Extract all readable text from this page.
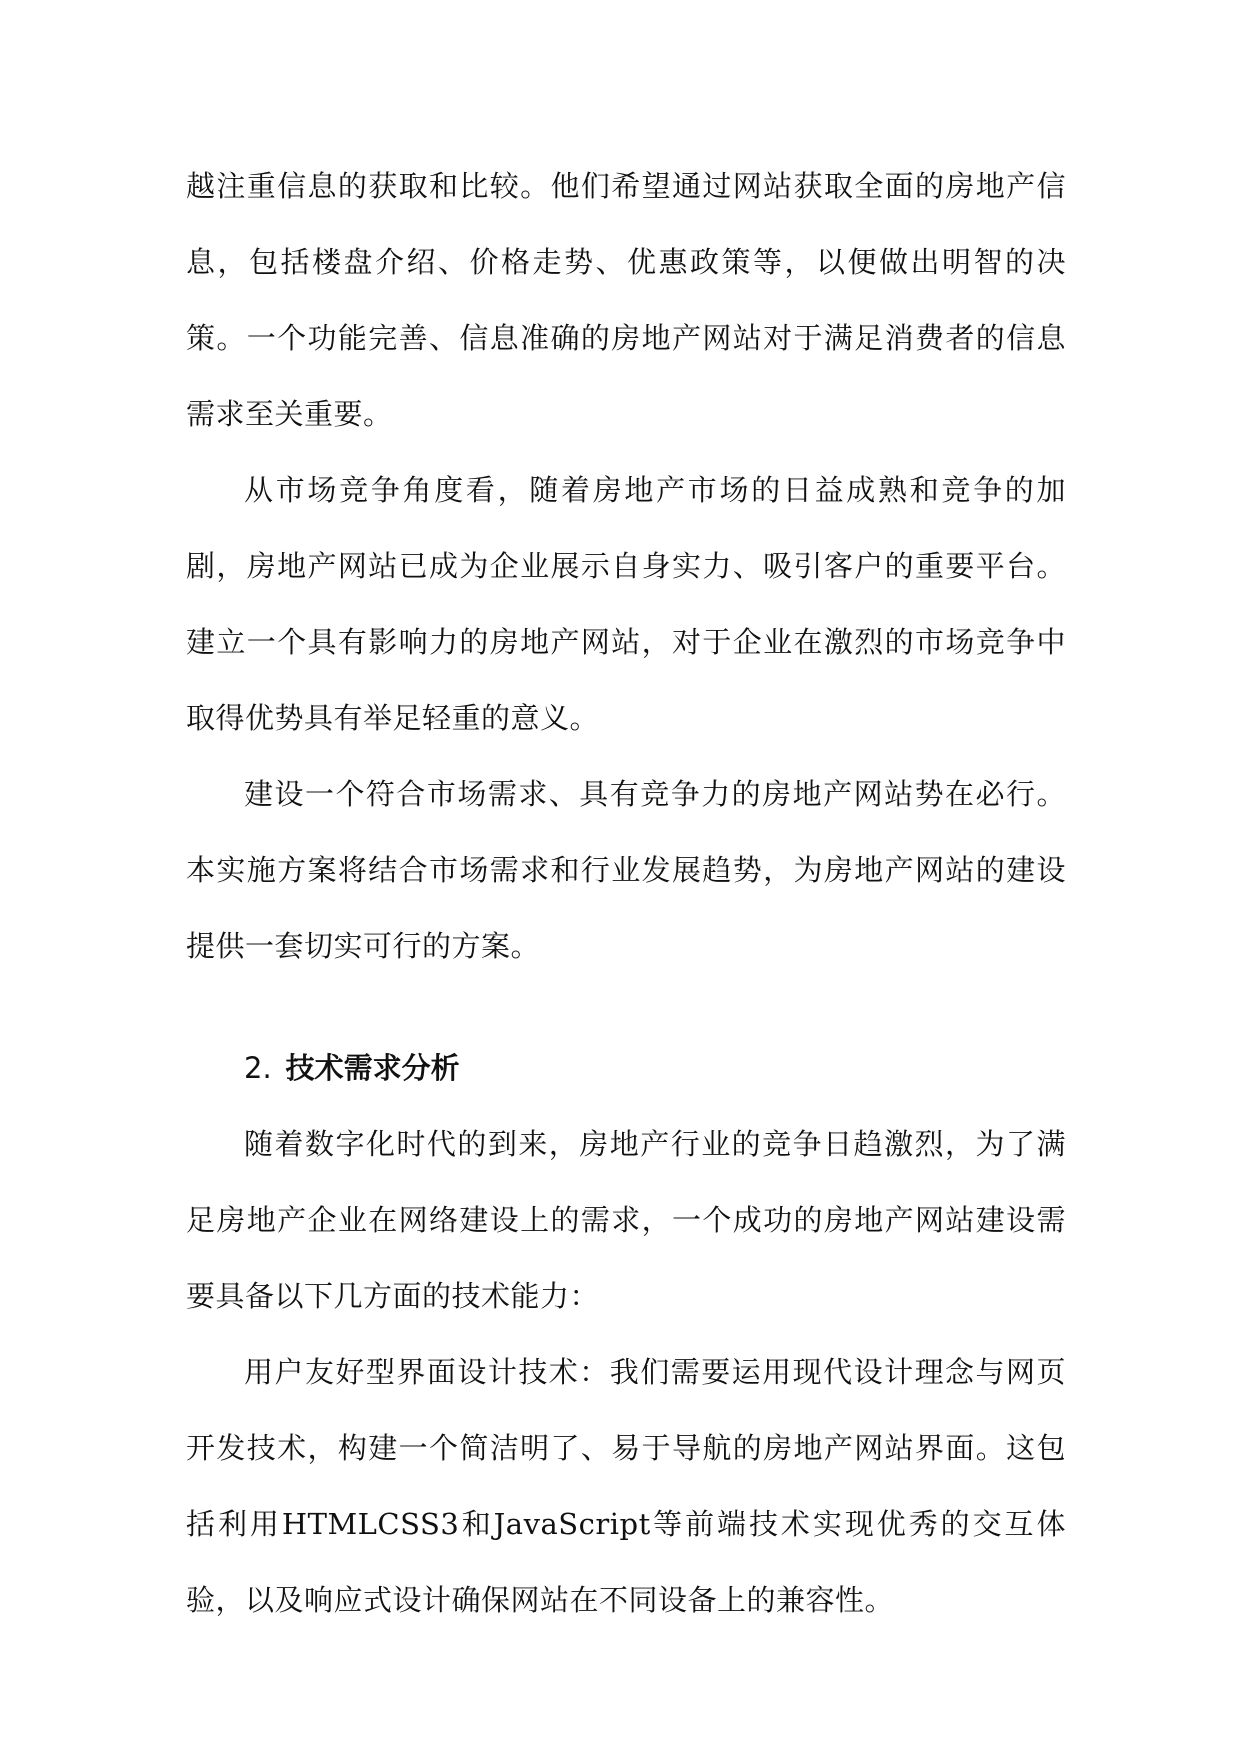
越注重信息的获取和比较。他们希望通过网站获取全面的房地产信息，包括楼盘介绍、价格走势、优惠政策等，以便做出明智的决策。一个功能完善、信息准确的房地产网站对于满足消费者的信息需求至关重要。

从市场竞争角度看，随着房地产市场的日益成熟和竞争的加剧，房地产网站已成为企业展示自身实力、吸引客户的重要平台。建立一个具有影响力的房地产网站，对于企业在激烈的市场竞争中取得优势具有举足轻重的意义。

建设一个符合市场需求、具有竞争力的房地产网站势在必行。本实施方案将结合市场需求和行业发展趋势，为房地产网站的建设提供一套切实可行的方案。

2. 技术需求分析

随着数字化时代的到来，房地产行业的竞争日趋激烈，为了满足房地产企业在网络建设上的需求，一个成功的房地产网站建设需要具备以下几方面的技术能力：

用户友好型界面设计技术：我们需要运用现代设计理念与网页开发技术，构建一个简洁明了、易于导航的房地产网站界面。这包括利用HTMLCSS3和JavaScript等前端技术实现优秀的交互体验，以及响应式设计确保网站在不同设备上的兼容性。
